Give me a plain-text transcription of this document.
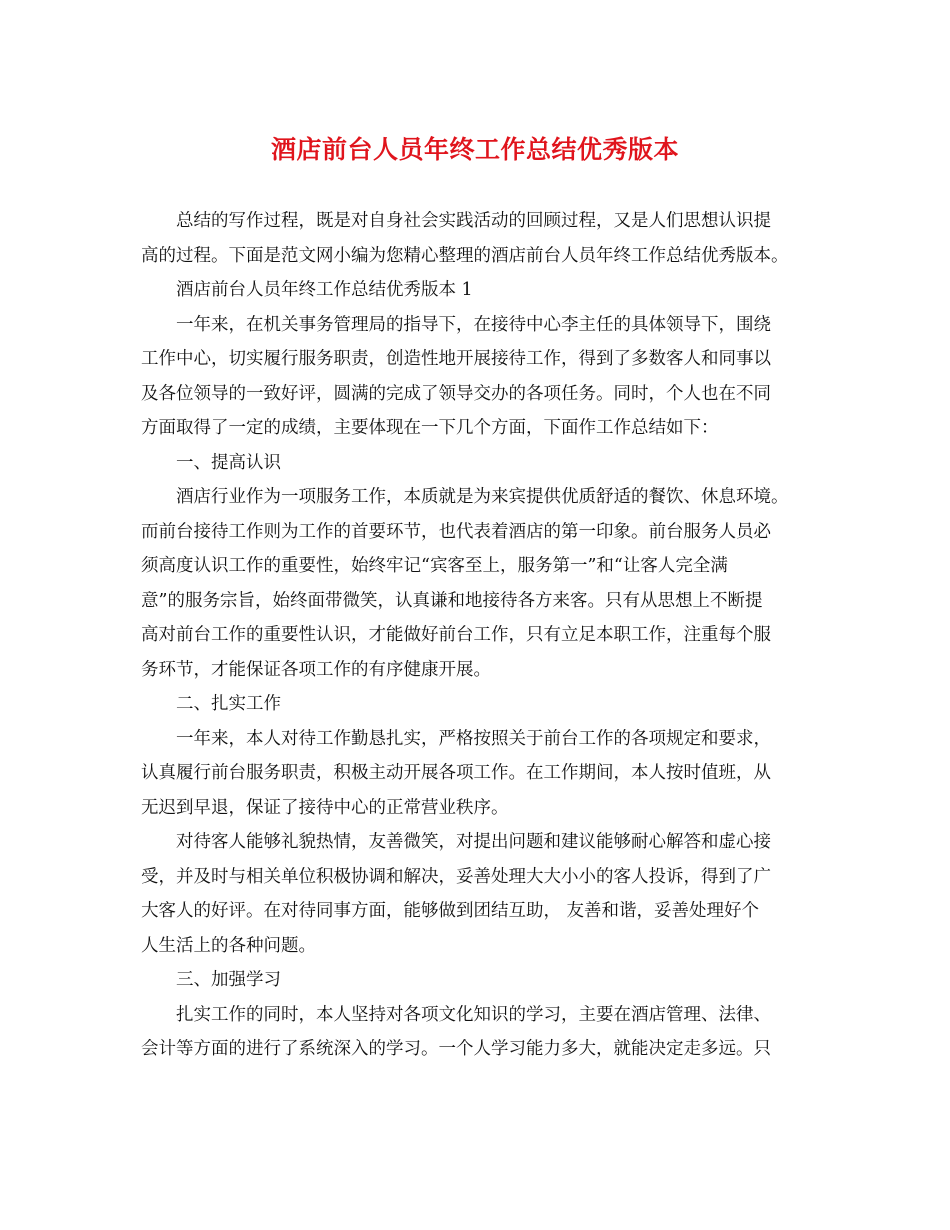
酒店前台人员年终工作总结优秀版本
总结的写作过程，既是对自身社会实践活动的回顾过程，又是人们思想认识提
高的过程。下面是范文网小编为您精心整理的酒店前台人员年终工作总结优秀版本。
酒店前台人员年终工作总结优秀版本 1
一年来，在机关事务管理局的指导下，在接待中心李主任的具体领导下，围绕
工作中心，切实履行服务职责，创造性地开展接待工作，得到了多数客人和同事以
及各位领导的一致好评，圆满的完成了领导交办的各项任务。同时，个人也在不同
方面取得了一定的成绩，主要体现在一下几个方面，下面作工作总结如下：
一、提高认识
酒店行业作为一项服务工作，本质就是为来宾提供优质舒适的餐饮、休息环境。
而前台接待工作则为工作的首要环节，也代表着酒店的第一印象。前台服务人员必
须高度认识工作的重要性，始终牢记“宾客至上，服务第一”和“让客人完全满
意”的服务宗旨，始终面带微笑，认真谦和地接待各方来客。只有从思想上不断提
高对前台工作的重要性认识，才能做好前台工作，只有立足本职工作，注重每个服
务环节，才能保证各项工作的有序健康开展。
二、扎实工作
一年来，本人对待工作勤恳扎实，严格按照关于前台工作的各项规定和要求，
认真履行前台服务职责，积极主动开展各项工作。在工作期间，本人按时值班，从
无迟到早退，保证了接待中心的正常营业秩序。
对待客人能够礼貌热情，友善微笑，对提出问题和建议能够耐心解答和虚心接
受，并及时与相关单位积极协调和解决，妥善处理大大小小的客人投诉，得到了广
大客人的好评。在对待同事方面，能够做到团结互助， 友善和谐，妥善处理好个
人生活上的各种问题。
三、加强学习
扎实工作的同时，本人坚持对各项文化知识的学习，主要在酒店管理、法律、
会计等方面的进行了系统深入的学习。一个人学习能力多大，就能决定走多远。只
